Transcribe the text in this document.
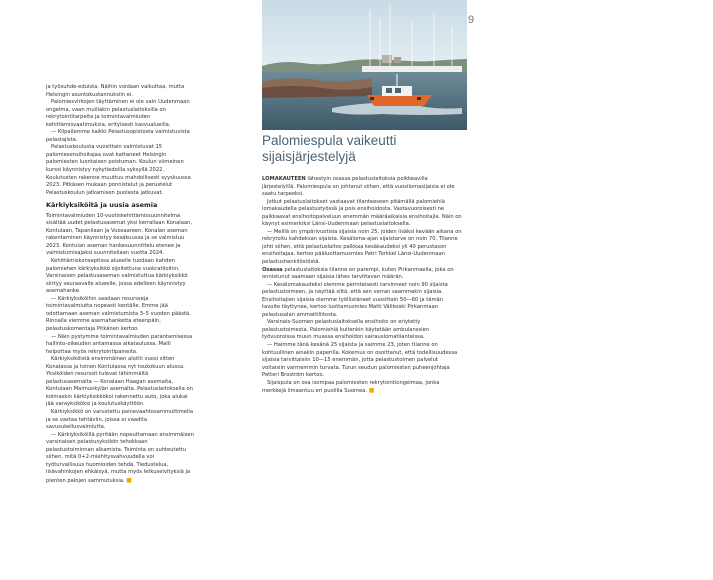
JUSSI PAAVILAINEN
9

ja työsuhde-eduista. Näihin voidaan vaikuttaa, mutta Helsingin asuntokustannuksiin ei.

Palomiesvirkojen täyttäminen ei ole vain Uudenmaan ongelma, vaan muillakin pelastuslaitoksilla on rekrytointitarpeita ja toimintavalmiuden kehittämisvaatimuksia, erityisesti kasvualueilla.

— Kilpailemme kaikki Pelastusopistosta valmistuvista pelastajista.

Pelastuskoulusta vuosittain valmistuvat 15 palomiesensihoitajaa ovat kattaneet Helsingin palomiesten luontaisen poistuman. Koulun viimeinen kurssi käynnistyy nykytiedoilla syksyllä 2022. Koulutusten rakenne muuttuu mahdollisesti syyskuussa 2023. Pitkäsen mukaan ponnistelut ja perustelut Pelastuskoulun jatkamisen puolesta jatkuvat.

Kärkiyksiköitä ja uusia asemia

Toimintavalmiuden 10-vuotiskehittämissuunnitelma sisältää uudet pelastusasemat yksi kerrallaan Konalaan, Kontulaan, Tapanilaan ja Vuosaareen. Konalan aseman rakentaminen käynnistyy kesäkuussa ja se valmistuu 2023. Kontulan aseman hankesuunnittelu etenee ja valmistumisajaksi suunnitellaan vuotta 2024.

Kehittämiskonseptissa alueelle tuodaan kahden palomiehen kärkiyksikkö sijoitettuna vuokratiloihin. Varsinaisen pelastusaseman valmistuttua kärkiyksikkö siirtyy seuraavalle alueelle, jossa edelleen käynnistyy asemahanke.

— Kärkiyksiköihin saadaan resursseja toimintavalmiutta nopeasti kentälle. Emme jää odottamaan aseman valmistumista 3–5 vuoden päästä. Rinnalla viemme asemahanketta eteenpäin, pelastuskomentaja Pitkänen kertoo.

— Näin pystymme toimintavalmiuden parantamisessa hallinto-oikeuden antamassa aikataulussa. Malli helpottaa myös rekrytointipaineita.

Kärkiyksiköistä ensimmäinen aloitti vuosi sitten Konalassa ja toinen Kontulassa nyt toukokuun alussa. Yksiköiden resurssit tulevat lähimmältä pelastusasemalta — Konalaan Haagan asemalta, Kontulaan Malmunkylän asemalta. Pelastuslaitoksella on kolmaskin kärkiyksikkökoi rakennettu auto, joka alukai jää varayksiköksi ja koulutuskäyttöön.

Kärkiyksikkö on varustettu painevaahtosammuttimella ja se vastaa tehtäviin, joissa ei vaadita savusukellusvalmiutta.

— Kärkiyksiköillä pyritään nopeuttamaan ensimmäisen varsinaisen pelastusyksikön tehokkaan pelastustoiminnan alkamista. Toiminta on suhteutettu siihen, mitä 0+2-miehitysvahvuudella voi työturvallisuus huomioiden tehdä. Tiedustelua, lisävahinkojen ehkäisyä, mutta myös letkuselvityksiä ja pienten palojen sammutuksia. ■

Palomiespula vaikeutti sijaisjärjestelyjä

LOMAKAUTEEN lähestyin osassa pelastuslaitoksia poikkeavilla järjestelyillä. Palomiespula on johtanut siihen, että vuosilomasijaisia ei ole saatu tarpeeksi.

Jotkut pelastuslaitokset vastaavat tilanteeseen pitämällä palomiehiä lomakaudella pelastustyössä ja pois ensihoidosta. Vastavuoroisesti ne palkkaavat ensihoitopalveluun enemmän määräaikaisia ensihoitajia. Näin on käynyt esimerkiksi Länsi-Uudenmaan pelastuslaitoksella.

— Meillä on ympärivuotisia sijaisia noin 25, joiden lisäksi kevään aikana on rekrytoitu kahdeksan sijaista. Kesäloma-ajan sijaistarve on noin 70. Tilanne johti siihen, että pelastuslaitos palkkaa kesäkaudeksi yli 40 perustason ensihoitajaa, kertoo pääluottamusmies Petri Torkkel Länsi-Uudenmaan pelastushenkilöstöstä.

Osassa pelastuslaitoksia tilanne on parempi, kuten Pirkanmaella, joka on onnistunut saamaan sijaisia lähes tarvittavan määrän.

— Kesälomakaudeksi olemme perinteisesti tarvinneet noin 90 sijaista pelastustoimeen, ja näyttää siltä, että sen verran saammekin sijaisia. Ensihoitajien sijaisia olemme työllistäneet vuosittain 50—60 ja tämän tavoite täyttynee, kertoo luottamusmies Matti Välikoski Pirkanmaan pelastusalan ammattiliitosta.

Varsinais-Suomen pelastuslaitoksella ensihoito on eriytetty pelastustoimesta. Palomiehiä kuitenkin käytetään ambulanssien työvuoroissa muun muassa ensihoidon sairauslomatilanteissa.

— Haimme tänä kesänä 25 sijaista ja saimme 23, joten tilanne on kohtuullinen ainakin paperilla. Kokemus on osoittanut, että todellisuudessa sijaisia tarvittaisiin 10—15 enemmän, jotta pelastustoimen palvelut voitaisiin varmemmin turvata. Turun seudun palomiesten puheenjohtaja Petteri Broström kertoo.

Sijaispula on osa isompaa palomiesten rekrytointiongelmaa, jonka merkkejä ilmaantuu eri puolilla Suomea. ■
